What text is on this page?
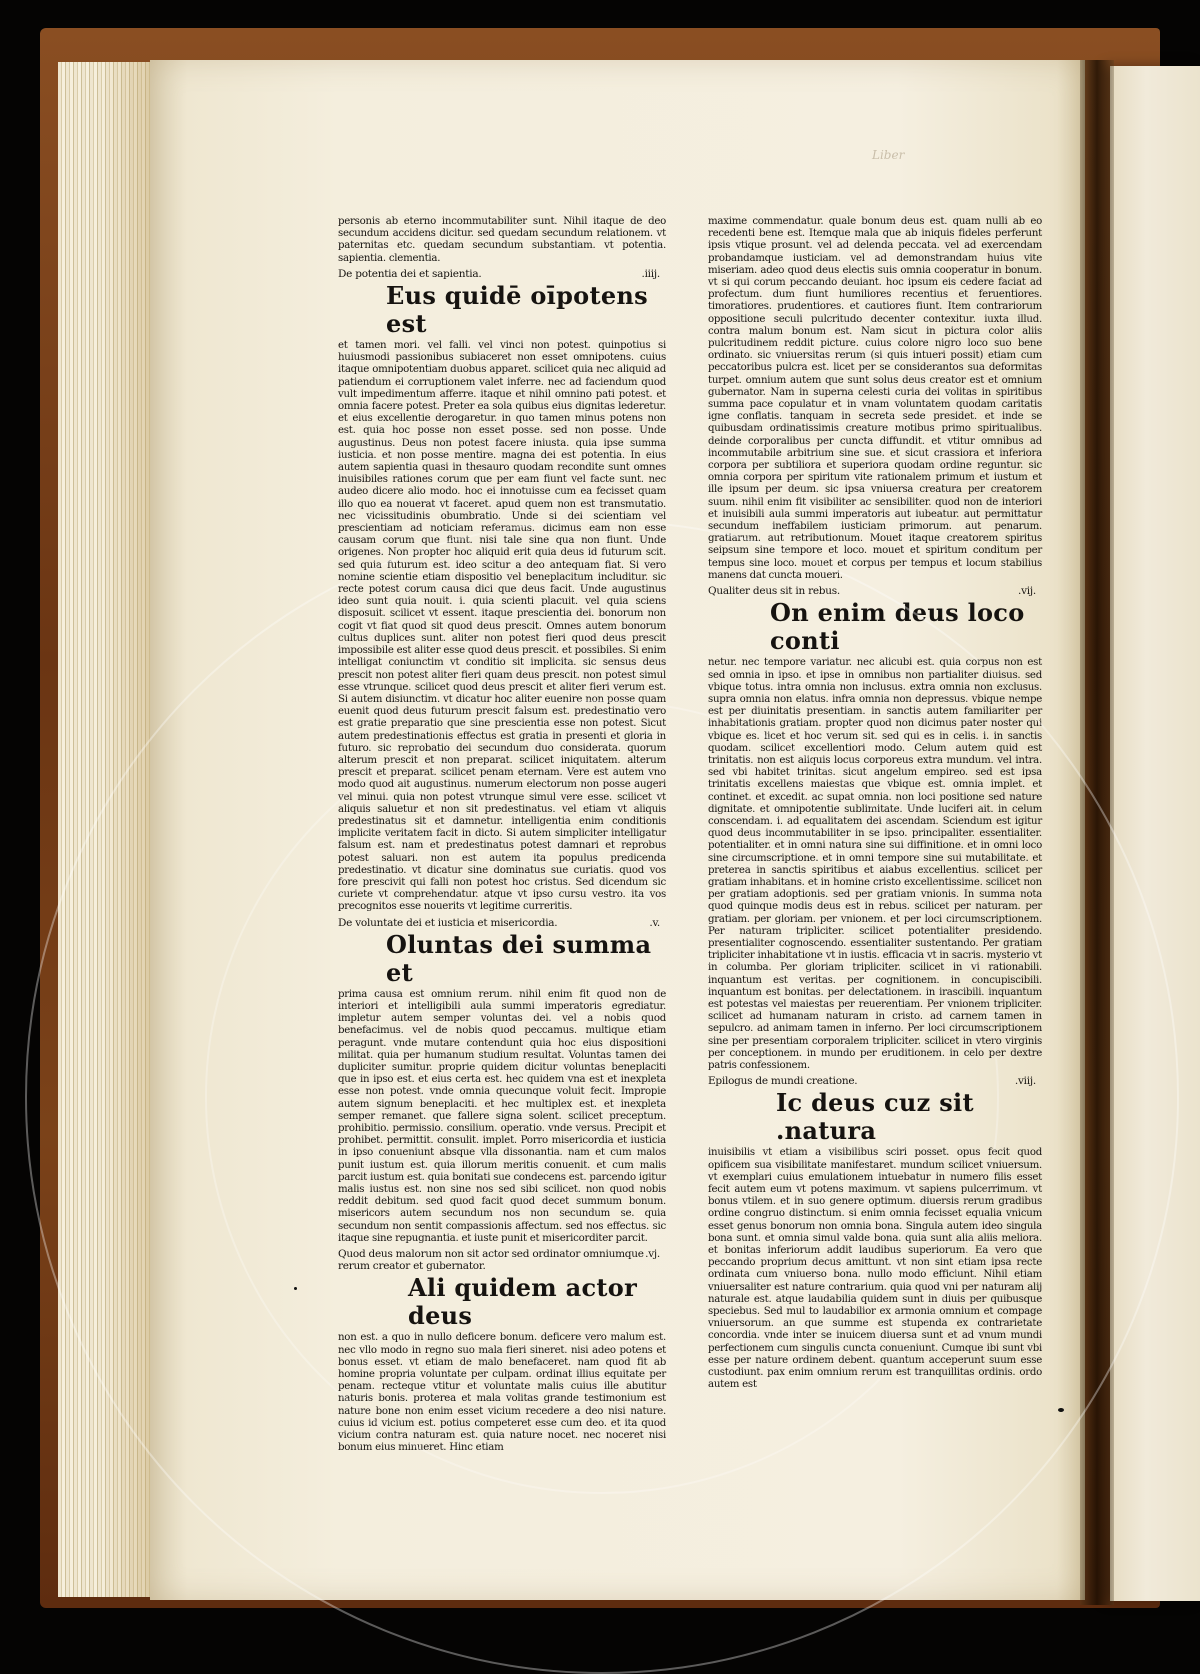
Liber

personis ab eterno incommutabiliter sunt. Nihil itaque de deo secundum accidens dicitur. sed quedam secundum relationem. vt paternitas etc. quedam secundum substantiam. vt potentia. sapientia. clementia.

De potentia dei et sapientia.	.iiij.
Eus quidē oīpotens est

et tamen mori. vel falli. vel vinci non potest. quinpotius si huiusmodi passionibus subiaceret non esset omnipotens. cuius itaque omnipotentiam duobus apparet. scilicet quia nec aliquid ad patiendum ei corruptionem valet inferre. nec ad faciendum quod vult impedimentum afferre. itaque et nihil omnino pati potest. et omnia facere potest. Preter ea sola quibus eius dignitas lederetur. et eius excellentie derogaretur. in quo tamen minus potens non est. quia hoc posse non esset posse. sed non posse. Unde augustinus. Deus non potest facere iniusta. quia ipse summa iusticia. et non posse mentire. magna dei est potentia. In eius autem sapientia quasi in thesauro quodam recondite sunt omnes inuisibiles rationes corum que per eam fiunt vel facte sunt. nec audeo dicere alio modo. hoc ei innotuisse cum ea fecisset quam illo quo ea nouerat vt faceret. apud quem non est transmutatio. nec vicissitudinis obumbratio. Unde si dei scientiam vel prescientiam ad noticiam referamus. dicimus eam non esse causam corum que fiunt. nisi tale sine qua non fiunt. Unde origenes. Non propter hoc aliquid erit quia deus id futurum scit. sed quia futurum est. ideo scitur a deo antequam fiat. Si vero nomine scientie etiam dispositio vel beneplacitum includitur. sic recte potest corum causa dici que deus facit. Unde augustinus ideo sunt quia nouit. i. quia scienti placuit. vel quia sciens disposuit. scilicet vt essent. itaque prescientia dei. bonorum non cogit vt fiat quod sit quod deus prescit. Omnes autem bonorum cultus duplices sunt. aliter non potest fieri quod deus prescit impossibile est aliter esse quod deus prescit. et possibiles. Si enim intelligat coniunctim vt conditio sit implicita. sic sensus deus prescit non potest aliter fieri quam deus prescit. non potest simul esse vtrunque. scilicet quod deus prescit et aliter fieri verum est. Si autem disiunctim. vt dicatur hoc aliter euenire non posse quam euenit quod deus futurum prescit falsum est. predestinatio vero est gratie preparatio que sine prescientia esse non potest. Sicut autem predestinationis effectus est gratia in presenti et gloria in futuro. sic reprobatio dei secundum duo considerata. quorum alterum prescit et non preparat. scilicet iniquitatem. alterum prescit et preparat. scilicet penam eternam. Vere est autem vno modo quod ait augustinus. numerum electorum non posse augeri vel minui. quia non potest vtrunque simul vere esse. scilicet vt aliquis saluetur et non sit predestinatus. vel etiam vt aliquis predestinatus sit et damnetur. intelligentia enim conditionis implicite veritatem facit in dicto. Si autem simpliciter intelligatur falsum est. nam et predestinatus potest damnari et reprobus potest saluari. non est autem ita populus predicenda predestinatio. vt dicatur sine dominatus sue curiatis. quod vos fore prescivit qui falli non potest hoc cristus. Sed dicendum sic curiete vt comprehendatur. atque vt ipso cursu vestro. ita vos precognitos esse nouerits vt legitime curreritis.

De voluntate dei et iusticia et misericordia.	.v.
Oluntas dei summa et

prima causa est omnium rerum. nihil enim fit quod non de interiori et intelligibili aula summi imperatoris egrediatur. impletur autem semper voluntas dei. vel a nobis quod benefacimus. vel de nobis quod peccamus. multique etiam peragunt. vnde mutare contendunt quia hoc eius dispositioni militat. quia per humanum studium resultat. Voluntas tamen dei dupliciter sumitur. proprie quidem dicitur voluntas beneplaciti que in ipso est. et eius certa est. hec quidem vna est et inexpleta esse non potest. vnde omnia quecunque voluit fecit. Impropie autem signum beneplaciti. et hec multiplex est. et inexpleta semper remanet. que fallere signa solent. scilicet preceptum. prohibitio. permissio. consilium. operatio. vnde versus. Precipit et prohibet. permittit. consulit. implet. Porro misericordia et iusticia in ipso conueniunt absque vlla dissonantia. nam et cum malos punit iustum est. quia illorum meritis conuenit. et cum malis parcit iustum est. quia bonitati sue condecens est. parcendo igitur malis iustus est. non sine nos sed sibi scilicet. non quod nobis reddit debitum. sed quod facit quod decet summum bonum. misericors autem secundum nos non secundum se. quia secundum non sentit compassionis affectum. sed nos effectus. sic itaque sine repugnantia. et iuste punit et misericorditer parcit.

Quod deus malorum non sit actor sed ordinator omniumque rerum creator et gubernator.
.vj.
Ali quidem actor deus

non est. a quo in nullo deficere bonum. deficere vero malum est. nec vllo modo in regno suo mala fieri sineret. nisi adeo potens et bonus esset. vt etiam de malo benefaceret. nam quod fit ab homine propria voluntate per culpam. ordinat illius equitate per penam. recteque vtitur et voluntate malis cuius ille abutitur naturis bonis. proterea et mala volitas grande testimonium est nature bone non enim esset vicium recedere a deo nisi nature. cuius id vicium est. potius competeret esse cum deo. et ita quod vicium contra naturam est. quia nature nocet. nec noceret nisi bonum eius minueret. Hinc etiam

maxime commendatur. quale bonum deus est. quam nulli ab eo recedenti bene est. Itemque mala que ab iniquis fideles perferunt ipsis vtique prosunt. vel ad delenda peccata. vel ad exercendam probandamque iusticiam. vel ad demonstrandam huius vite miseriam. adeo quod deus electis suis omnia cooperatur in bonum. vt si qui corum peccando deuiant. hoc ipsum eis cedere faciat ad profectum. dum fiunt humiliores recentius et feruentiores. timoratiores. prudentiores. et cautiores fiunt. Item contrariorum oppositione seculi pulcritudo decenter contexitur. iuxta illud. contra malum bonum est. Nam sicut in pictura color aliis pulcritudinem reddit picture. cuius colore nigro loco suo bene ordinato. sic vniuersitas rerum (si quis intueri possit) etiam cum peccatoribus pulcra est. licet per se considerantos sua deformitas turpet. omnium autem que sunt solus deus creator est et omnium gubernator. Nam in superna celesti curia dei volitas in spiritibus summa pace copulatur et in vnam voluntatem quodam caritatis igne conflatis. tanquam in secreta sede presidet. et inde se quibusdam ordinatissimis creature motibus primo spiritualibus. deinde corporalibus per cuncta diffundit. et vtitur omnibus ad incommutabile arbitrium sine sue. et sicut crassiora et inferiora corpora per subtiliora et superiora quodam ordine reguntur. sic omnia corpora per spiritum vite rationalem primum et iustum et ille ipsum per deum. sic ipsa vniuersa creatura per creatorem suum. nihil enim fit visibiliter ac sensibiliter. quod non de interiori et inuisibili aula summi imperatoris aut iubeatur. aut permittatur secundum ineffabilem iusticiam primorum. aut penarum. gratiarum. aut retributionum. Mouet itaque creatorem spiritus seipsum sine tempore et loco. mouet et spiritum conditum per tempus sine loco. mouet et corpus per tempus et locum stabilius manens dat cuncta moueri.

Qualiter deus sit in rebus.	.vij.
On enim deus loco conti

netur. nec tempore variatur. nec alicubi est. quia corpus non est sed omnia in ipso. et ipse in omnibus non partialiter diuisus. sed vbique totus. intra omnia non inclusus. extra omnia non exclusus. supra omnia non elatus. infra omnia non depressus. vbique nempe est per diuinitatis presentiam. in sanctis autem familiariter per inhabitationis gratiam. propter quod non dicimus pater noster qui vbique es. licet et hoc verum sit. sed qui es in celis. i. in sanctis quodam. scilicet excellentiori modo. Celum autem quid est trinitatis. non est aliquis locus corporeus extra mundum. vel intra. sed vbi habitet trinitas. sicut angelum empireo. sed est ipsa trinitatis excellens maiestas que vbique est. omnia implet. et continet. et excedit. ac supat omnia. non loci positione sed nature dignitate. et omnipotentie sublimitate. Unde luciferi ait. in celum conscendam. i. ad equalitatem dei ascendam. Sciendum est igitur quod deus incommutabiliter in se ipso. principaliter. essentialiter. potentialiter. et in omni natura sine sui diffinitione. et in omni loco sine circumscriptione. et in omni tempore sine sui mutabilitate. et preterea in sanctis spiritibus et aiabus excellentius. scilicet per gratiam inhabitans. et in homine cristo excellentissime. scilicet non per gratiam adoptionis. sed per gratiam vnionis. In summa nota quod quinque modis deus est in rebus. scilicet per naturam. per gratiam. per gloriam. per vnionem. et per loci circumscriptionem. Per naturam tripliciter. scilicet potentialiter presidendo. presentialiter cognoscendo. essentialiter sustentando. Per gratiam tripliciter inhabitatione vt in iustis. efficacia vt in sacris. mysterio vt in columba. Per gloriam tripliciter. scilicet in vi rationabili. inquantum est veritas. per cognitionem. in concupiscibili. inquantum est bonitas. per delectationem. in irascibili. inquantum est potestas vel maiestas per reuerentiam. Per vnionem tripliciter. scilicet ad humanam naturam in cristo. ad carnem tamen in sepulcro. ad animam tamen in inferno. Per loci circumscriptionem sine per presentiam corporalem tripliciter. scilicet in vtero virginis per conceptionem. in mundo per eruditionem. in celo per dextre patris confessionem.

Epilogus de mundi creatione.	.viij.
Ic deus cuz sit .natura

inuisibilis vt etiam a visibilibus sciri posset. opus fecit quod opificem sua visibilitate manifestaret. mundum scilicet vniuersum. vt exemplari cuius emulationem intuebatur in numero filis esset fecit autem eum vt potens maximum. vt sapiens pulcerrimum. vt bonus vtilem. et in suo genere optimum. diuersis rerum gradibus ordine congruo distinctum. si enim omnia fecisset equalia vnicum esset genus bonorum non omnia bona. Singula autem ideo singula bona sunt. et omnia simul valde bona. quia sunt alia aliis meliora. et bonitas inferiorum addit laudibus superiorum. Ea vero que peccando proprium decus amittunt. vt non sint etiam ipsa recte ordinata cum vniuerso bona. nullo modo efficiunt. Nihil etiam vniuersaliter est nature contrarium. quia quod vni per naturam alij naturale est. atque laudabilia quidem sunt in diuis per quibusque speciebus. Sed mul to laudabilior ex armonia omnium et compage vniuersorum. an que summe est stupenda ex contrarietate concordia. vnde inter se inuicem diuersa sunt et ad vnum mundi perfectionem cum singulis cuncta conueniunt. Cumque ibi sunt vbi esse per nature ordinem debent. quantum acceperunt suum esse custodiunt. pax enim omnium rerum est tranquillitas ordinis. ordo autem est
